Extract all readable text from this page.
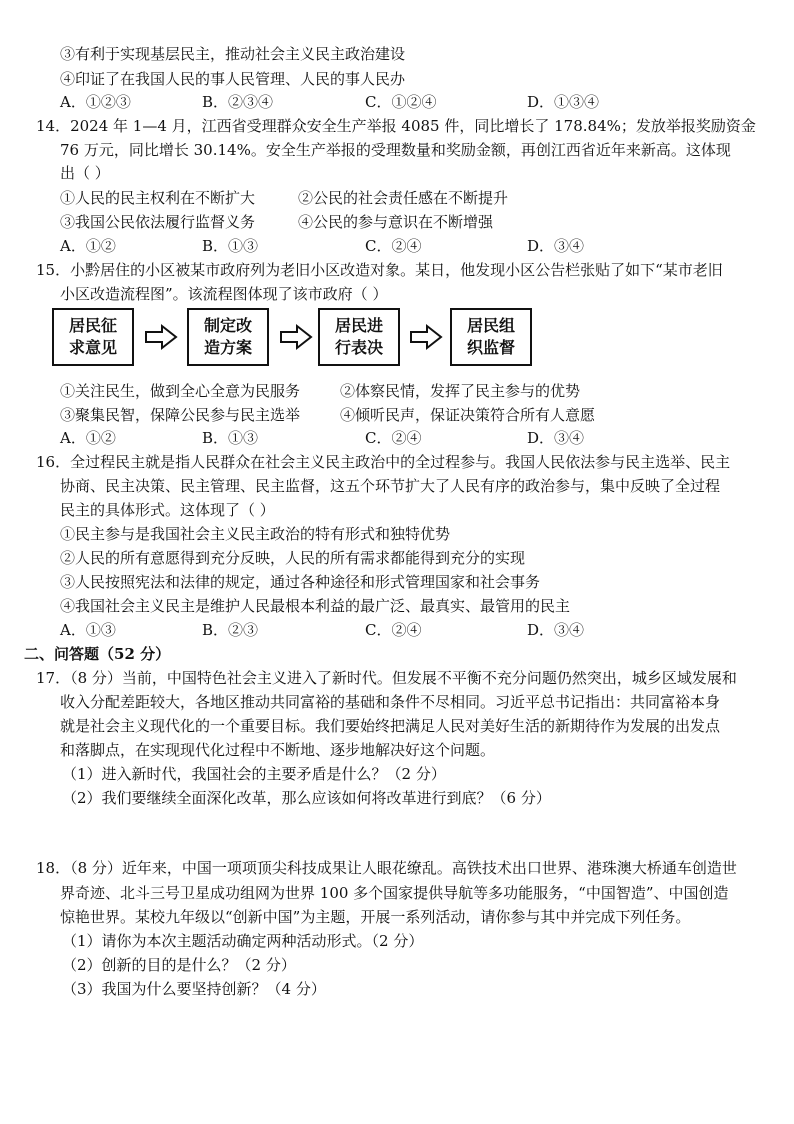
③有利于实现基层民主，推动社会主义民主政治建设
④印证了在我国人民的事人民管理、人民的事人民办
A．①②③	B．②③④	C．①②④	D．①③④
14．2024 年 1—4 月，江西省受理群众安全生产举报 4085 件，同比增长了 178.84%；发放举报奖励资金
76 万元，同比增长 30.14%。安全生产举报的受理数量和奖励金额，再创江西省近年来新高。这体现
出（ ）
①人民的民主权利在不断扩大	②公民的社会责任感在不断提升
③我国公民依法履行监督义务	④公民的参与意识在不断增强
A．①②	B．①③	C．②④	D．③④
15．小黔居住的小区被某市政府列为老旧小区改造对象。某日，他发现小区公告栏张贴了如下“某市老旧
小区改造流程图”。该流程图体现了该市政府（ ）
居民征
求意见
制定改
造方案
居民进
行表决
居民组
织监督
①关注民生，做到全心全意为民服务	②体察民情，发挥了民主参与的优势
③聚集民智，保障公民参与民主选举	④倾听民声，保证决策符合所有人意愿
A．①②	B．①③	C．②④	D．③④
16．全过程民主就是指人民群众在社会主义民主政治中的全过程参与。我国人民依法参与民主选举、民主
协商、民主决策、民主管理、民主监督，这五个环节扩大了人民有序的政治参与，集中反映了全过程
民主的具体形式。这体现了（ ）
①民主参与是我国社会主义民主政治的特有形式和独特优势
②人民的所有意愿得到充分反映，人民的所有需求都能得到充分的实现
③人民按照宪法和法律的规定，通过各种途径和形式管理国家和社会事务
④我国社会主义民主是维护人民最根本利益的最广泛、最真实、最管用的民主
A．①③	B．②③	C．②④	D．③④
二、问答题（52 分）
17．（8 分）当前，中国特色社会主义进入了新时代。但发展不平衡不充分问题仍然突出，城乡区域发展和
收入分配差距较大，各地区推动共同富裕的基础和条件不尽相同。习近平总书记指出：共同富裕本身
就是社会主义现代化的一个重要目标。我们要始终把满足人民对美好生活的新期待作为发展的出发点
和落脚点，在实现现代化过程中不断地、逐步地解决好这个问题。
（1）进入新时代，我国社会的主要矛盾是什么？（2 分）
（2）我们要继续全面深化改革，那么应该如何将改革进行到底？（6 分）
18．（8 分）近年来，中国一项项顶尖科技成果让人眼花缭乱。高铁技术出口世界、港珠澳大桥通车创造世
界奇迹、北斗三号卫星成功组网为世界 100 多个国家提供导航等多功能服务，“中国智造”、中国创造
惊艳世界。某校九年级以“创新中国”为主题，开展一系列活动，请你参与其中并完成下列任务。
（1）请你为本次主题活动确定两种活动形式。（2 分）
（2）创新的目的是什么？（2 分）
（3）我国为什么要坚持创新？（4 分）
